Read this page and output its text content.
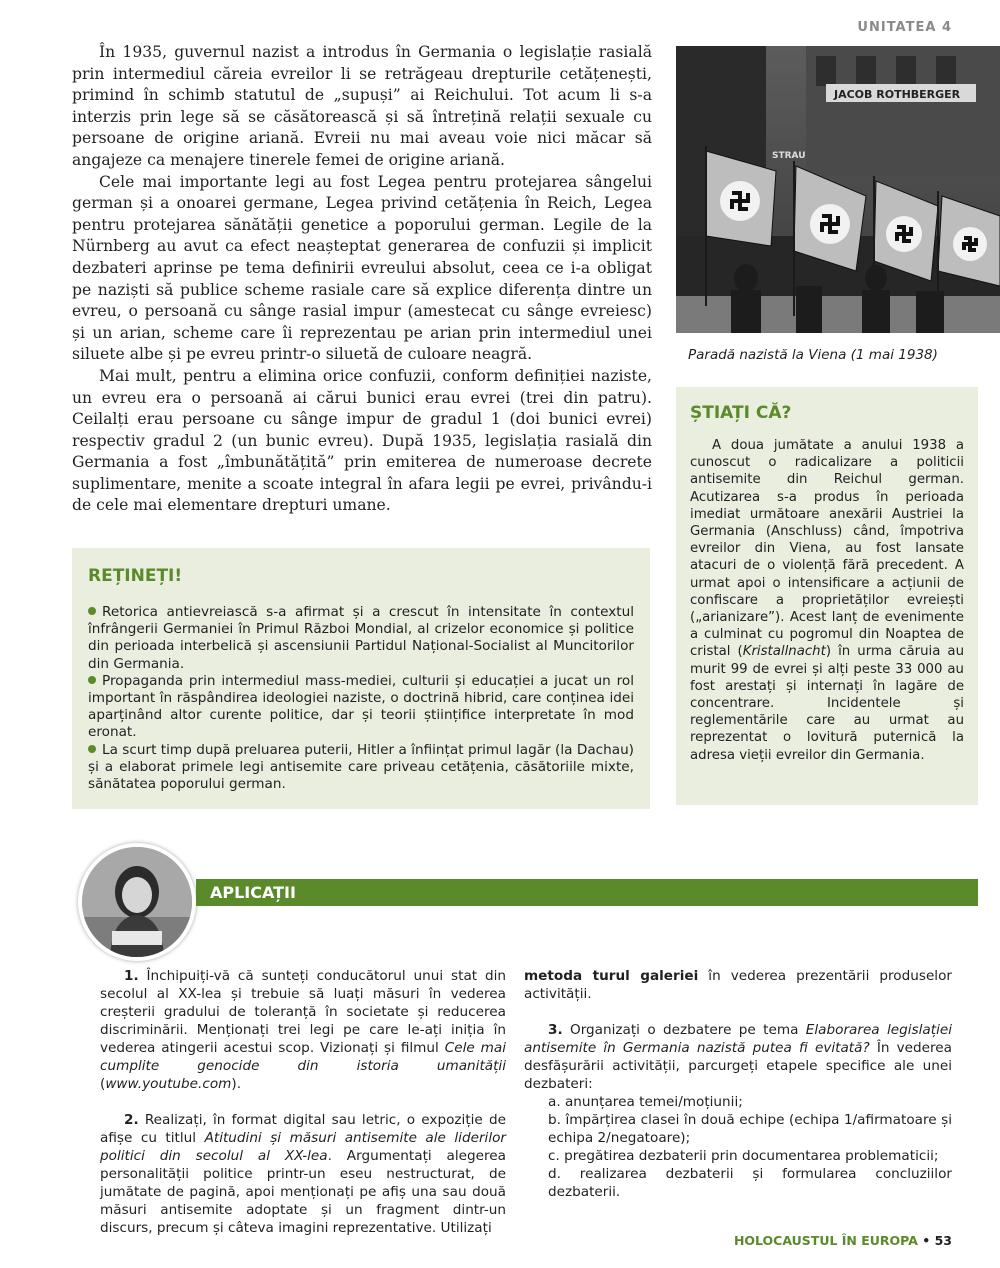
UNITATEA 4

În 1935, guvernul nazist a introdus în Germania o legislație rasială prin intermediul căreia evreilor li se retrăgeau drepturile cetățenești, primind în schimb statutul de „supuși” ai Reichului. Tot acum li s-a interzis prin lege să se căsătorească și să întrețină relații sexuale cu persoane de origine ariană. Evreii nu mai aveau voie nici măcar să angajeze ca menajere tinerele femei de origine ariană.

Cele mai importante legi au fost Legea pentru protejarea sângelui german și a onoarei germane, Legea privind cetățenia în Reich, Legea pentru protejarea sănătății genetice a poporului german. Legile de la Nürnberg au avut ca efect neașteptat generarea de confuzii și implicit dezbateri aprinse pe tema definirii evreului absolut, ceea ce i-a obligat pe naziști să publice scheme rasiale care să explice diferența dintre un evreu, o persoană cu sânge rasial impur (amestecat cu sânge evreiesc) și un arian, scheme care îi reprezentau pe arian prin intermediul unei siluete albe și pe evreu printr-o siluetă de culoare neagră.

Mai mult, pentru a elimina orice confuzii, conform definiției naziste, un evreu era o persoană ai cărui bunici erau evrei (trei din patru). Ceilalți erau persoane cu sânge impur de gradul 1 (doi bunici evrei) respectiv gradul 2 (un bunic evreu). După 1935, legislația rasială din Germania a fost „îmbunătățită” prin emiterea de numeroase decrete suplimentare, menite a scoate integral în afara legii pe evrei, privându-i de cele mai elementare drepturi umane.

JACOB ROTHBERGER
STRAU
Paradă nazistă la Viena (1 mai 1938)
ȘTIAȚI CĂ?

A doua jumătate a anului 1938 a cunoscut o radicalizare a politicii antisemite din Reichul german. Acutizarea s-a produs în perioada imediat următoare anexării Austriei la Germania (Anschluss) când, împotriva evreilor din Viena, au fost lansate atacuri de o violență fără precedent. A urmat apoi o intensificare a acțiunii de confiscare a proprietăților evreiești („arianizare”). Acest lanț de evenimente a culminat cu pogromul din Noaptea de cristal (Kristallnacht) în urma căruia au murit 99 de evrei și alți peste 33 000 au fost arestați și internați în lagăre de concentrare. Incidentele și reglementările care au urmat au reprezentat o lovitură puternică la adresa vieții evreilor din Germania.

REȚINEȚI!
Retorica antievreiască s-a afirmat și a crescut în intensitate în contextul înfrângerii Germaniei în Primul Război Mondial, al crizelor economice și politice din perioada interbelică și ascensiunii Partidul Național-Socialist al Muncitorilor din Germania.
Propaganda prin intermediul mass-mediei, culturii și educației a jucat un rol important în răspândirea ideologiei naziste, o doctrină hibrid, care conținea idei aparținând altor curente politice, dar și teorii științifice interpretate în mod eronat.
La scurt timp după preluarea puterii, Hitler a înființat primul lagăr (la Dachau) și a elaborat primele legi antisemite care priveau cetățenia, căsătoriile mixte, sănătatea poporului german.
APLICAȚII

1. Închipuiți-vă că sunteți conducătorul unui stat din secolul al XX-lea și trebuie să luați măsuri în vederea creșterii gradului de toleranță în societate și reducerea discriminării. Menționați trei legi pe care le-ați iniția în vederea atingerii acestui scop. Vizionați și filmul Cele mai cumplite genocide din istoria umanității (www.youtube.com).

2. Realizați, în format digital sau letric, o expoziție de afișe cu titlul Atitudini și măsuri antisemite ale liderilor politici din secolul al XX-lea. Argumentați alegerea personalității politice printr-un eseu nestructurat, de jumătate de pagină, apoi menționați pe afiș una sau două măsuri antisemite adoptate și un fragment dintr-un discurs, precum și câteva imagini reprezentative. Utilizați

metoda turul galeriei în vederea prezentării produselor activității.

3. Organizați o dezbatere pe tema Elaborarea legislației antisemite în Germania nazistă putea fi evitată? În vederea desfășurării activității, parcurgeți etapele specifice ale unei dezbateri:

a. anunțarea temei/moțiunii;

b. împărțirea clasei în două echipe (echipa 1/afirmatoare și echipa 2/negatoare);

c. pregătirea dezbaterii prin documentarea problematicii;

d. realizarea dezbaterii și formularea concluziilor dezbaterii.

HOLOCAUSTUL ÎN EUROPA • 53
